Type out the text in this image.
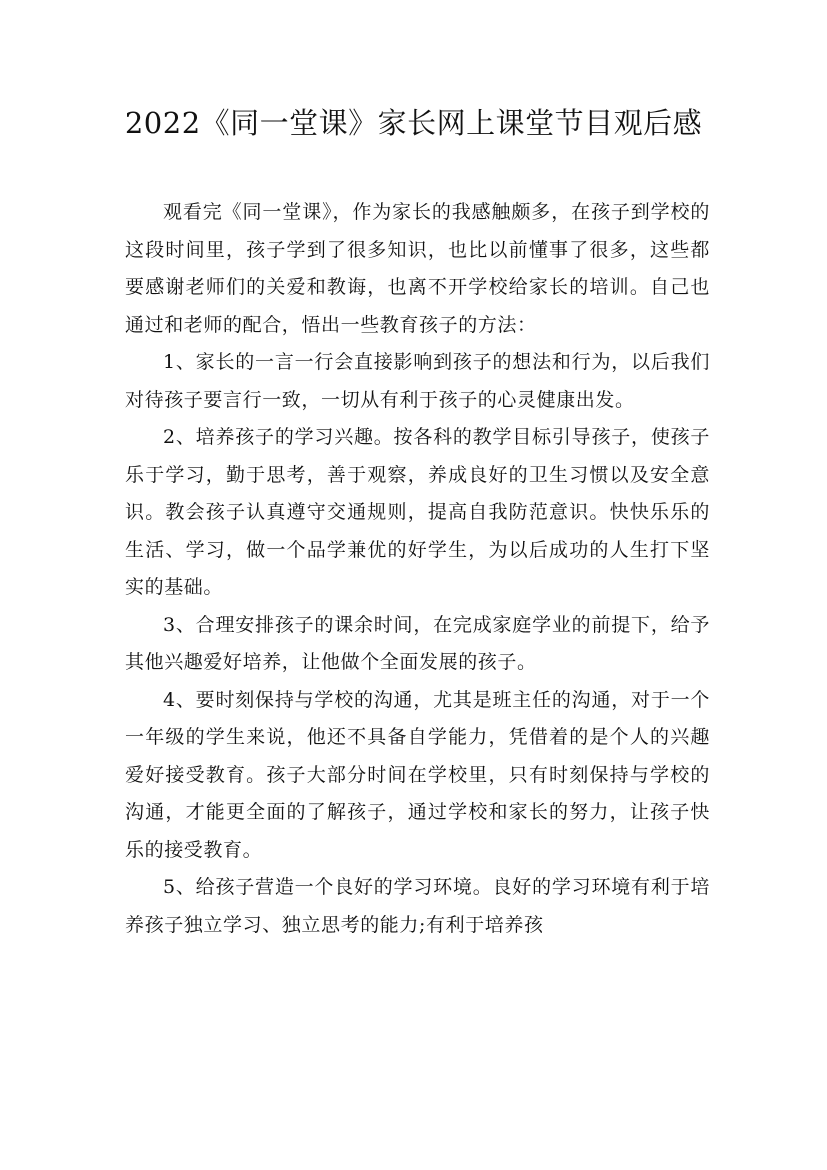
2022《同一堂课》家长网上课堂节目观后感

观看完《同一堂课》，作为家长的我感触颇多，在孩子到学校的这段时间里，孩子学到了很多知识，也比以前懂事了很多，这些都要感谢老师们的关爱和教诲，也离不开学校给家长的培训。自己也通过和老师的配合，悟出一些教育孩子的方法：

1、家长的一言一行会直接影响到孩子的想法和行为，以后我们对待孩子要言行一致，一切从有利于孩子的心灵健康出发。

2、培养孩子的学习兴趣。按各科的教学目标引导孩子，使孩子乐于学习，勤于思考，善于观察，养成良好的卫生习惯以及安全意识。教会孩子认真遵守交通规则，提高自我防范意识。快快乐乐的生活、学习，做一个品学兼优的好学生，为以后成功的人生打下坚实的基础。

3、合理安排孩子的课余时间，在完成家庭学业的前提下，给予其他兴趣爱好培养，让他做个全面发展的孩子。

4、要时刻保持与学校的沟通，尤其是班主任的沟通，对于一个一年级的学生来说，他还不具备自学能力，凭借着的是个人的兴趣爱好接受教育。孩子大部分时间在学校里，只有时刻保持与学校的沟通，才能更全面的了解孩子，通过学校和家长的努力，让孩子快乐的接受教育。

5、给孩子营造一个良好的学习环境。良好的学习环境有利于培养孩子独立学习、独立思考的能力;有利于培养孩
